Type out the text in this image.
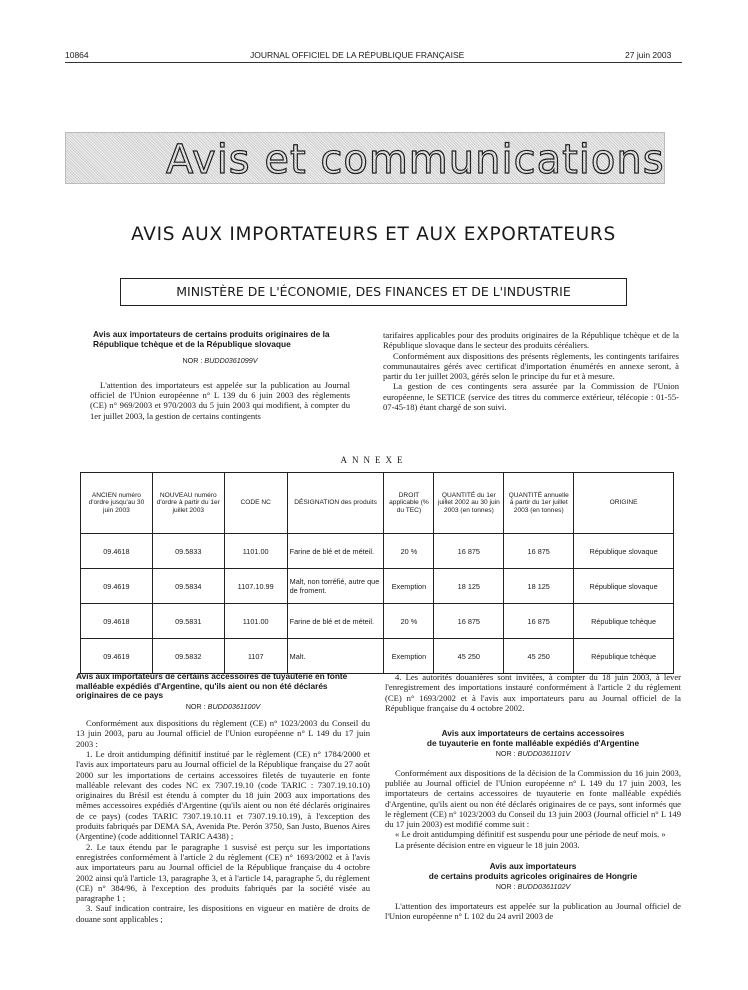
10864	JOURNAL OFFICIEL DE LA RÉPUBLIQUE FRANÇAISE	27 juin 2003
Avis et communications
AVIS AUX IMPORTATEURS ET AUX EXPORTATEURS
MINISTÈRE DE L'ÉCONOMIE, DES FINANCES ET DE L'INDUSTRIE
Avis aux importateurs de certains produits originaires de la République tchèque et de la République slovaque
NOR : BUDD0361099V

L'attention des importateurs est appelée sur la publication au Journal officiel de l'Union européenne n° L 139 du 6 juin 2003 des règlements (CE) n° 969/2003 et 970/2003 du 5 juin 2003 qui modifient, à compter du 1er juillet 2003, la gestion de certains contingents

tarifaires applicables pour des produits originaires de la République tchèque et de la République slovaque dans le secteur des produits céréaliers.

Conformément aux dispositions des présents règlements, les contingents tarifaires communautaires gérés avec certificat d'importation énumérés en annexe seront, à partir du 1er juillet 2003, gérés selon le principe du fur et à mesure.

La gestion de ces contingents sera assurée par la Commission de l'Union européenne, le SETICE (service des titres du commerce extérieur, télécopie : 01-55-07-45-18) étant chargé de son suivi.

ANNEXE
ANCIEN numéro d'ordre jusqu'au 30 juin 2003	NOUVEAU numéro d'ordre à partir du 1er juillet 2003	CODE NC	DÉSIGNATION des produits	DROIT applicable (% du TEC)	QUANTITÉ du 1er juillet 2002 au 30 juin 2003 (en tonnes)	QUANTITÉ annuelle à partir du 1er juillet 2003 (en tonnes)	ORIGINE
09.4618	09.5833	1101.00	Farine de blé et de méteil.	20 %	16 875	16 875	République slovaque
09.4619	09.5834	1107.10.99	Malt, non torréfié, autre que de froment.	Exemption	18 125	18 125	République slovaque
09.4618	09.5831	1101.00	Farine de blé et de méteil.	20 %	16 875	16 875	République tchèque
09.4619	09.5832	1107	Malt.	Exemption	45 250	45 250	République tchèque
Avis aux importateurs de certains accessoires de tuyauterie en fonte malléable expédiés d'Argentine, qu'ils aient ou non été déclarés originaires de ce pays
NOR : BUDD0361100V

Conformément aux dispositions du règlement (CE) n° 1023/2003 du Conseil du 13 juin 2003, paru au Journal officiel de l'Union européenne n° L 149 du 17 juin 2003 :

1. Le droit antidumping définitif institué par le règlement (CE) n° 1784/2000 et l'avis aux importateurs paru au Journal officiel de la République française du 27 août 2000 sur les importations de certains accessoires filetés de tuyauterie en fonte malléable relevant des codes NC ex 7307.19.10 (code TARIC : 7307.19.10.10) originaires du Brésil est étendu à compter du 18 juin 2003 aux importations des mêmes accessoires expédiés d'Argentine (qu'ils aient ou non été déclarés originaires de ce pays) (codes TARIC 7307.19.10.11 et 7307.19.10.19), à l'exception des produits fabriqués par DEMA SA, Avenida Pte. Perón 3750, San Justo, Buenos Aires (Argentine) (code additionnel TARIC A438) ;

2. Le taux étendu par le paragraphe 1 susvisé est perçu sur les importations enregistrées conformément à l'article 2 du règlement (CE) n° 1693/2002 et à l'avis aux importateurs paru au Journal officiel de la République française du 4 octobre 2002 ainsi qu'à l'article 13, paragraphe 3, et à l'article 14, paragraphe 5, du règlement (CE) n° 384/96, à l'exception des produits fabriqués par la société visée au paragraphe 1 ;

3. Sauf indication contraire, les dispositions en vigueur en matière de droits de douane sont applicables ;

4. Les autorités douanières sont invitées, à compter du 18 juin 2003, à lever l'enregistrement des importations instauré conformément à l'article 2 du règlement (CE) n° 1693/2002 et à l'avis aux importateurs paru au Journal officiel de la République française du 4 octobre 2002.

Avis aux importateurs de certains accessoires
de tuyauterie en fonte malléable expédiés d'Argentine
NOR : BUDD0361101V

Conformément aux dispositions de la décision de la Commission du 16 juin 2003, publiée au Journal officiel de l'Union européenne n° L 149 du 17 juin 2003, les importateurs de certains accessoires de tuyauterie en fonte malléable expédiés d'Argentine, qu'ils aient ou non été déclarés originaires de ce pays, sont informés que le règlement (CE) n° 1023/2003 du Conseil du 13 juin 2003 (Journal officiel n° L 149 du 17 juin 2003) est modifié comme suit :

« Le droit antidumping définitif est suspendu pour une période de neuf mois. »

La présente décision entre en vigueur le 18 juin 2003.

Avis aux importateurs
de certains produits agricoles originaires de Hongrie
NOR : BUDD0361102V

L'attention des importateurs est appelée sur la publication au Journal officiel de l'Union européenne n° L 102 du 24 avril 2003 de
